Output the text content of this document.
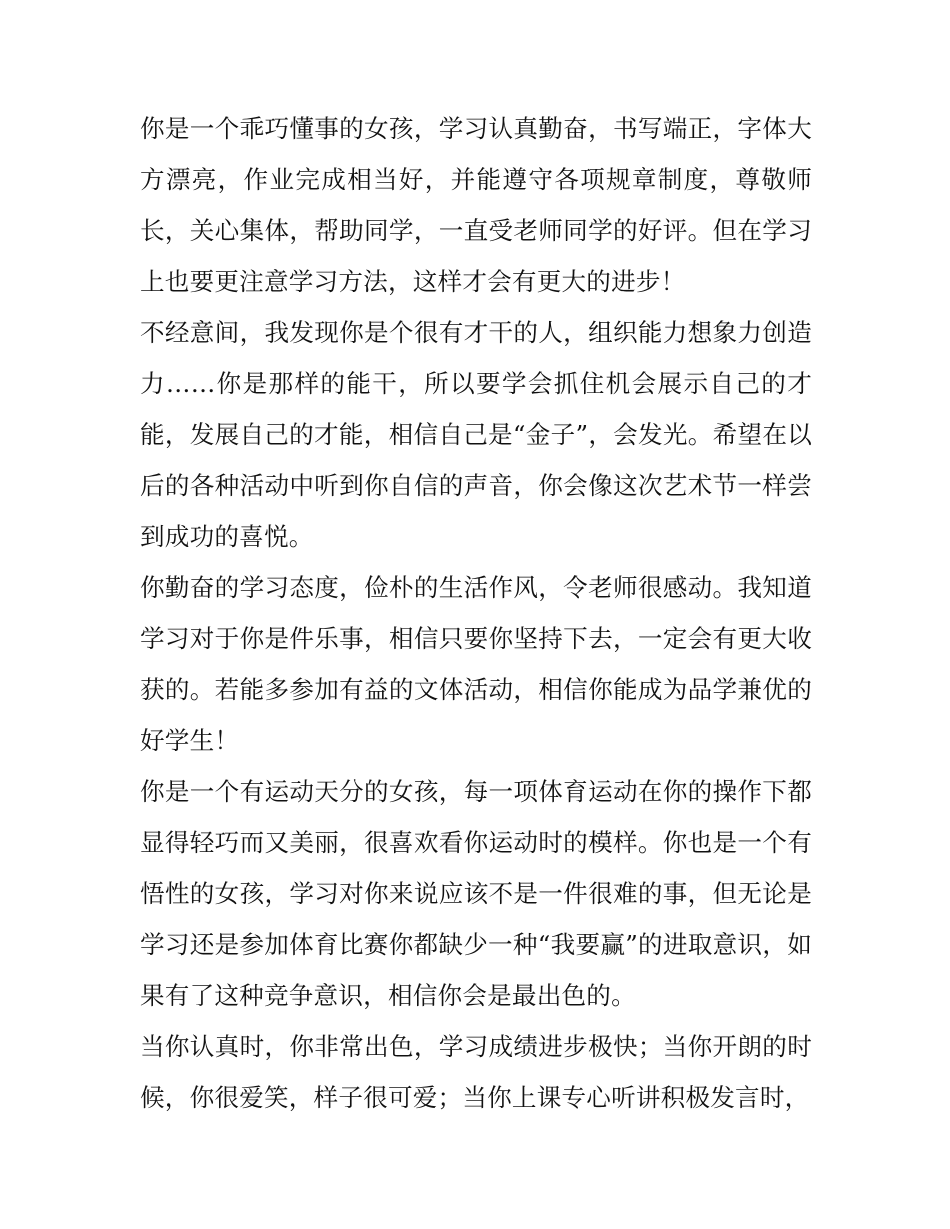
你是一个乖巧懂事的女孩，学习认真勤奋，书写端正，字体大方漂亮，作业完成相当好，并能遵守各项规章制度，尊敬师长，关心集体，帮助同学，一直受老师同学的好评。但在学习上也要更注意学习方法，这样才会有更大的进步！

不经意间，我发现你是个很有才干的人，组织能力想象力创造力……你是那样的能干，所以要学会抓住机会展示自己的才能，发展自己的才能，相信自己是“金子”，会发光。希望在以后的各种活动中听到你自信的声音，你会像这次艺术节一样尝到成功的喜悦。

你勤奋的学习态度，俭朴的生活作风，令老师很感动。我知道学习对于你是件乐事，相信只要你坚持下去，一定会有更大收获的。若能多参加有益的文体活动，相信你能成为品学兼优的好学生！

你是一个有运动天分的女孩，每一项体育运动在你的操作下都显得轻巧而又美丽，很喜欢看你运动时的模样。你也是一个有悟性的女孩，学习对你来说应该不是一件很难的事，但无论是学习还是参加体育比赛你都缺少一种“我要赢”的进取意识，如果有了这种竞争意识，相信你会是最出色的。

当你认真时，你非常出色，学习成绩进步极快；当你开朗的时候，你很爱笑，样子很可爱；当你上课专心听讲积极发言时，
